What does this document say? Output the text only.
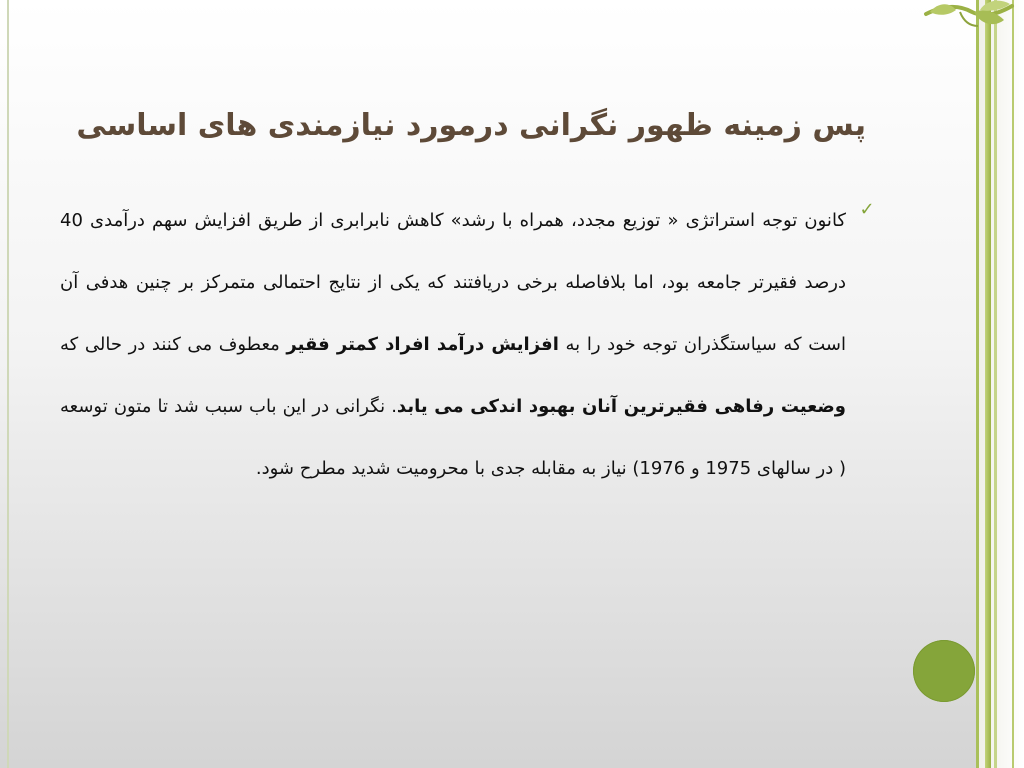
پس زمینه ظهور نگرانی درمورد نیازمندی های اساسی
✓

کانون توجه استراتژی « توزیع مجدد، همراه با رشد» کاهش نابرابری از طریق افزایش سهم درآمدی 40 درصد فقیرتر جامعه بود، اما بلافاصله برخی دریافتند که یکی از نتایج احتمالی متمرکز بر چنین هدفی آن است که سیاستگذران توجه خود را به افزایش درآمد افراد کمتر فقیر معطوف می کنند در حالی که وضعیت رفاهی فقیرترین آنان بهبود اندکی می یابد. نگرانی در این باب سبب شد تا متون توسعه ( در سالهای 1975 و 1976) نیاز به مقابله جدی با محرومیت شدید مطرح شود.
